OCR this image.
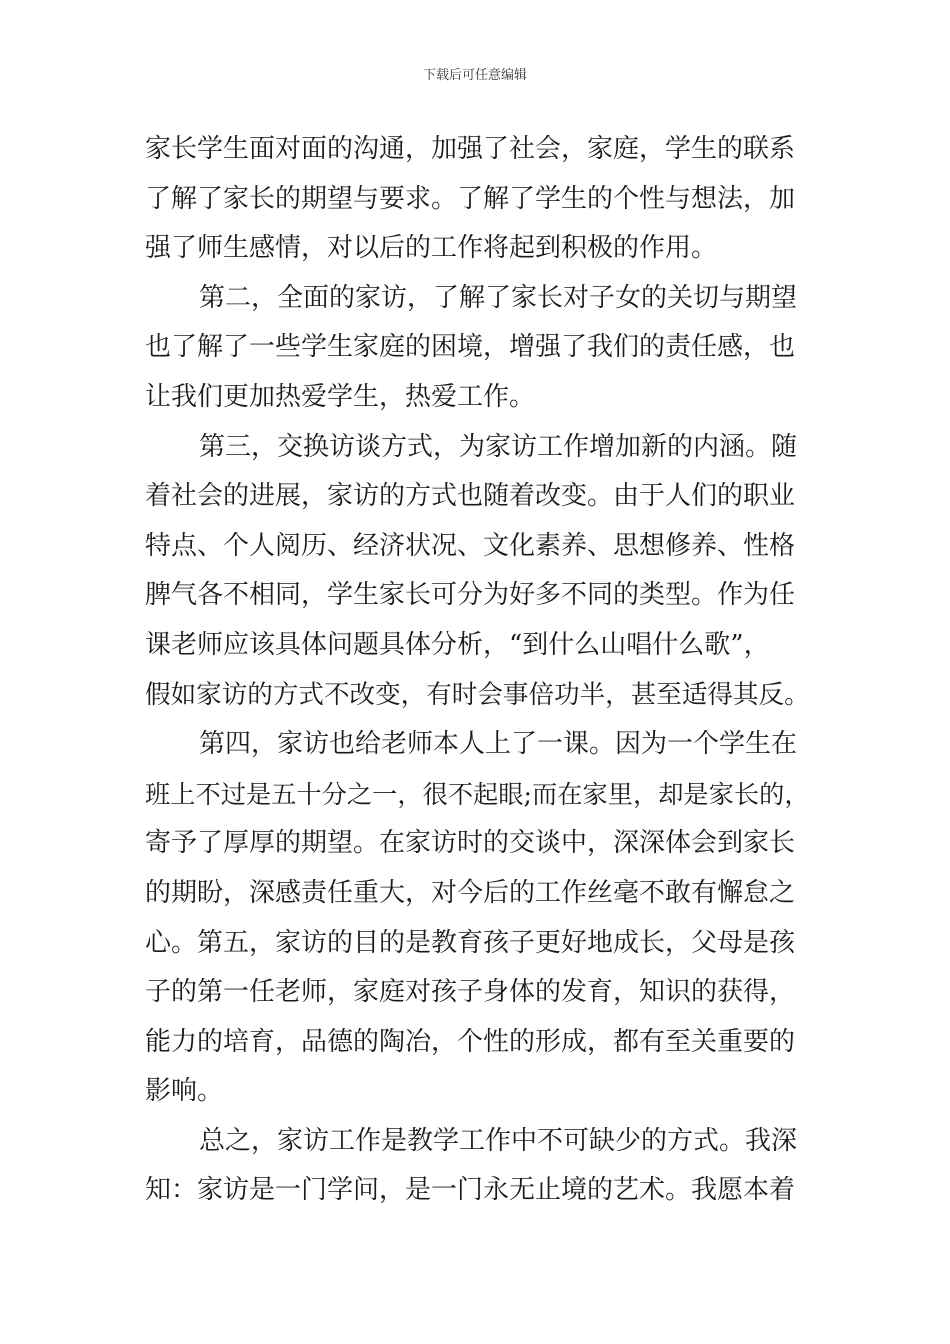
下载后可任意编辑
家长学生面对面的沟通，加强了社会，家庭，学生的联系
了解了家长的期望与要求。了解了学生的个性与想法，加
强了师生感情，对以后的工作将起到积极的作用。
第二，全面的家访，了解了家长对子女的关切与期望
也了解了一些学生家庭的困境，增强了我们的责任感，也
让我们更加热爱学生，热爱工作。
第三，交换访谈方式，为家访工作增加新的内涵。随
着社会的进展，家访的方式也随着改变。由于人们的职业
特点、个人阅历、经济状况、文化素养、思想修养、性格
脾气各不相同，学生家长可分为好多不同的类型。作为任
课老师应该具体问题具体分析，“到什么山唱什么歌”，
假如家访的方式不改变，有时会事倍功半，甚至适得其反。
第四，家访也给老师本人上了一课。因为一个学生在
班上不过是五十分之一，很不起眼;而在家里，却是家长的，
寄予了厚厚的期望。在家访时的交谈中，深深体会到家长
的期盼，深感责任重大，对今后的工作丝毫不敢有懈怠之
心。第五，家访的目的是教育孩子更好地成长，父母是孩
子的第一任老师，家庭对孩子身体的发育，知识的获得，
能力的培育，品德的陶冶，个性的形成，都有至关重要的
影响。
总之，家访工作是教学工作中不可缺少的方式。我深
知：家访是一门学问，是一门永无止境的艺术。我愿本着
